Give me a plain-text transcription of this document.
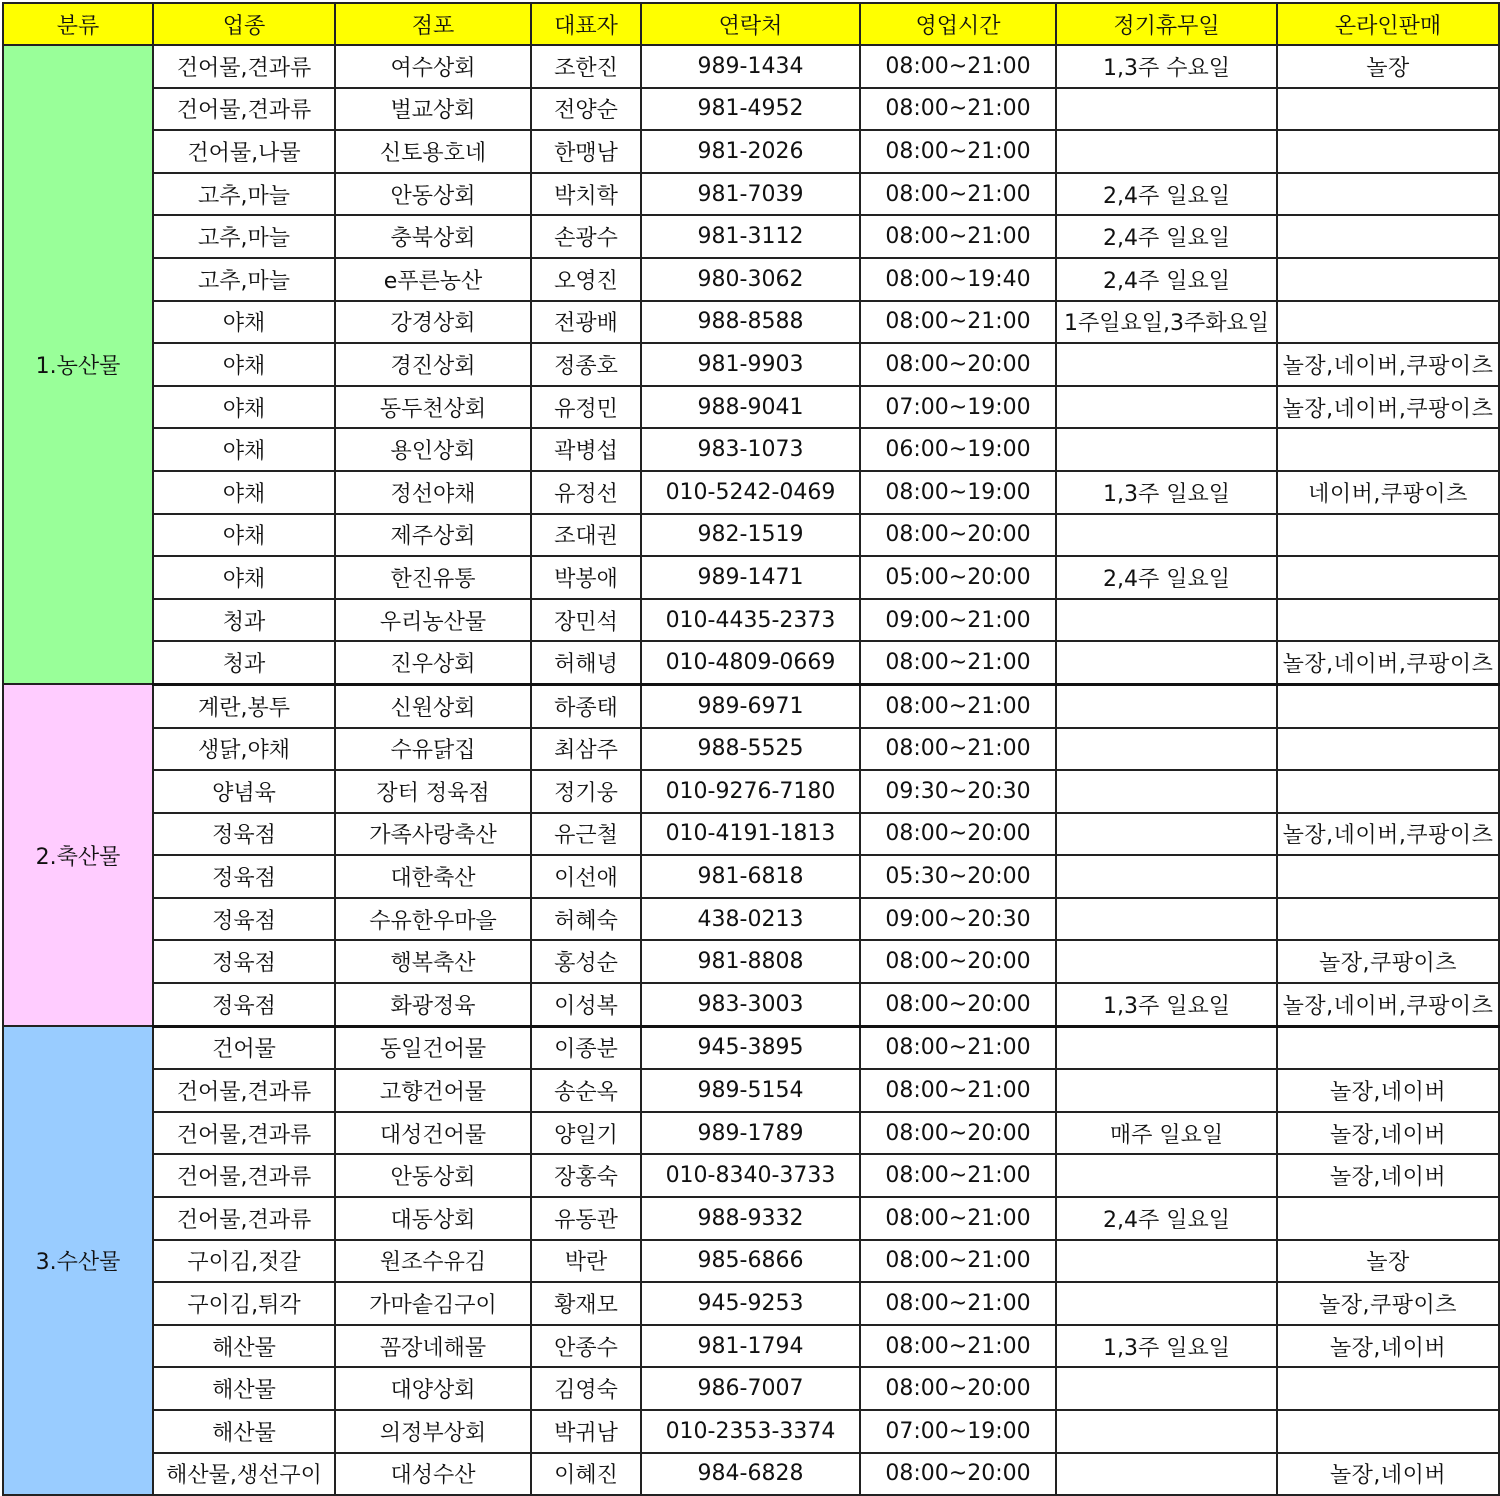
분류	업종	점포	대표자	연락처	영업시간	정기휴무일	온라인판매
1.농산물	건어물,견과류	여수상회	조한진	989-1434	08:00~21:00	1,3주 수요일	놀장
	건어물,견과류	벌교상회	전양순	981-4952	08:00~21:00		
	건어물,나물	신토용호네	한맹남	981-2026	08:00~21:00		
	고추,마늘	안동상회	박치학	981-7039	08:00~21:00	2,4주 일요일	
	고추,마늘	충북상회	손광수	981-3112	08:00~21:00	2,4주 일요일	
	고추,마늘	e푸른농산	오영진	980-3062	08:00~19:40	2,4주 일요일	
	야채	강경상회	전광배	988-8588	08:00~21:00	1주일요일,3주화요일	
	야채	경진상회	정종호	981-9903	08:00~20:00		놀장,네이버,쿠팡이츠
	야채	동두천상회	유정민	988-9041	07:00~19:00		놀장,네이버,쿠팡이츠
	야채	용인상회	곽병섭	983-1073	06:00~19:00		
	야채	정선야채	유정선	010-5242-0469	08:00~19:00	1,3주 일요일	네이버,쿠팡이츠
	야채	제주상회	조대권	982-1519	08:00~20:00		
	야채	한진유통	박봉애	989-1471	05:00~20:00	2,4주 일요일	
	청과	우리농산물	장민석	010-4435-2373	09:00~21:00		
	청과	진우상회	허해녕	010-4809-0669	08:00~21:00		놀장,네이버,쿠팡이츠
2.축산물	계란,봉투	신원상회	하종태	989-6971	08:00~21:00		
	생닭,야채	수유닭집	최삼주	988-5525	08:00~21:00		
	양념육	장터 정육점	정기웅	010-9276-7180	09:30~20:30		
	정육점	가족사랑축산	유근철	010-4191-1813	08:00~20:00		놀장,네이버,쿠팡이츠
	정육점	대한축산	이선애	981-6818	05:30~20:00		
	정육점	수유한우마을	허혜숙	438-0213	09:00~20:30		
	정육점	행복축산	홍성순	981-8808	08:00~20:00		놀장,쿠팡이츠
	정육점	화광정육	이성복	983-3003	08:00~20:00	1,3주 일요일	놀장,네이버,쿠팡이츠
3.수산물	건어물	동일건어물	이종분	945-3895	08:00~21:00		
	건어물,견과류	고향건어물	송순옥	989-5154	08:00~21:00		놀장,네이버
	건어물,견과류	대성건어물	양일기	989-1789	08:00~20:00	매주 일요일	놀장,네이버
	건어물,견과류	안동상회	장홍숙	010-8340-3733	08:00~21:00		놀장,네이버
	건어물,견과류	대동상회	유동관	988-9332	08:00~21:00	2,4주 일요일	
	구이김,젓갈	원조수유김	박란	985-6866	08:00~21:00		놀장
	구이김,튀각	가마솥김구이	황재모	945-9253	08:00~21:00		놀장,쿠팡이츠
	해산물	꼼장네해물	안종수	981-1794	08:00~21:00	1,3주 일요일	놀장,네이버
	해산물	대양상회	김영숙	986-7007	08:00~20:00		
	해산물	의정부상회	박귀남	010-2353-3374	07:00~19:00		
	해산물,생선구이	대성수산	이혜진	984-6828	08:00~20:00		놀장,네이버
